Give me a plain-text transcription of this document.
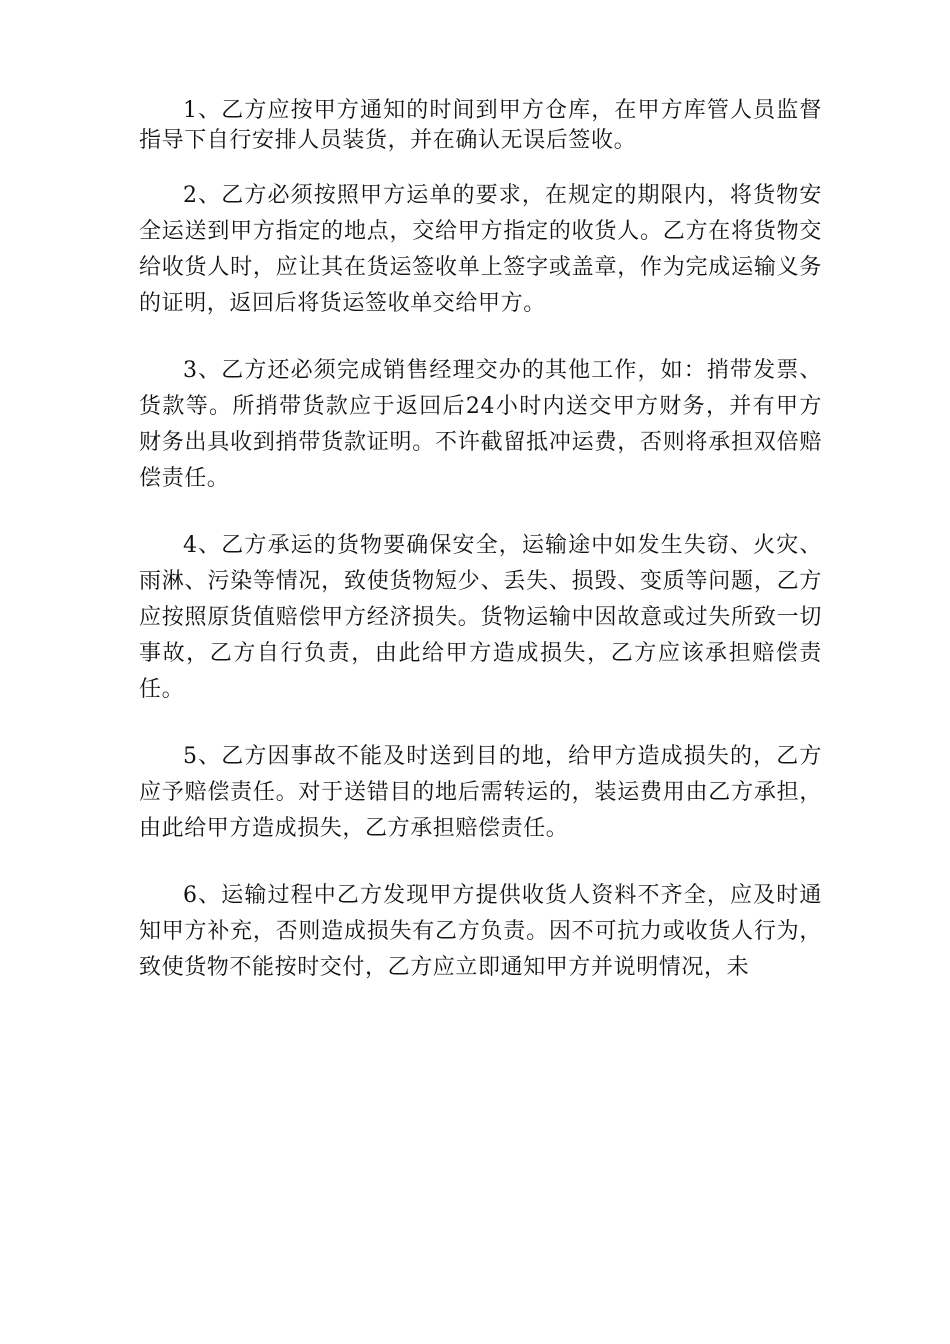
1、乙方应按甲方通知的时间到甲方仓库，在甲方库管人员监督指导下自行安排人员装货，并在确认无误后签收。

2、乙方必须按照甲方运单的要求，在规定的期限内，将货物安全运送到甲方指定的地点，交给甲方指定的收货人。乙方在将货物交给收货人时，应让其在货运签收单上签字或盖章，作为完成运输义务的证明，返回后将货运签收单交给甲方。

3、乙方还必须完成销售经理交办的其他工作，如：捎带发票、货款等。所捎带货款应于返回后24小时内送交甲方财务，并有甲方财务出具收到捎带货款证明。不许截留抵冲运费，否则将承担双倍赔偿责任。

4、乙方承运的货物要确保安全，运输途中如发生失窃、火灾、雨淋、污染等情况，致使货物短少、丢失、损毁、变质等问题，乙方应按照原货值赔偿甲方经济损失。货物运输中因故意或过失所致一切事故，乙方自行负责，由此给甲方造成损失，乙方应该承担赔偿责任。

5、乙方因事故不能及时送到目的地，给甲方造成损失的，乙方应予赔偿责任。对于送错目的地后需转运的，装运费用由乙方承担，由此给甲方造成损失，乙方承担赔偿责任。

6、运输过程中乙方发现甲方提供收货人资料不齐全，应及时通知甲方补充，否则造成损失有乙方负责。因不可抗力或收货人行为，致使货物不能按时交付，乙方应立即通知甲方并说明情况，未
